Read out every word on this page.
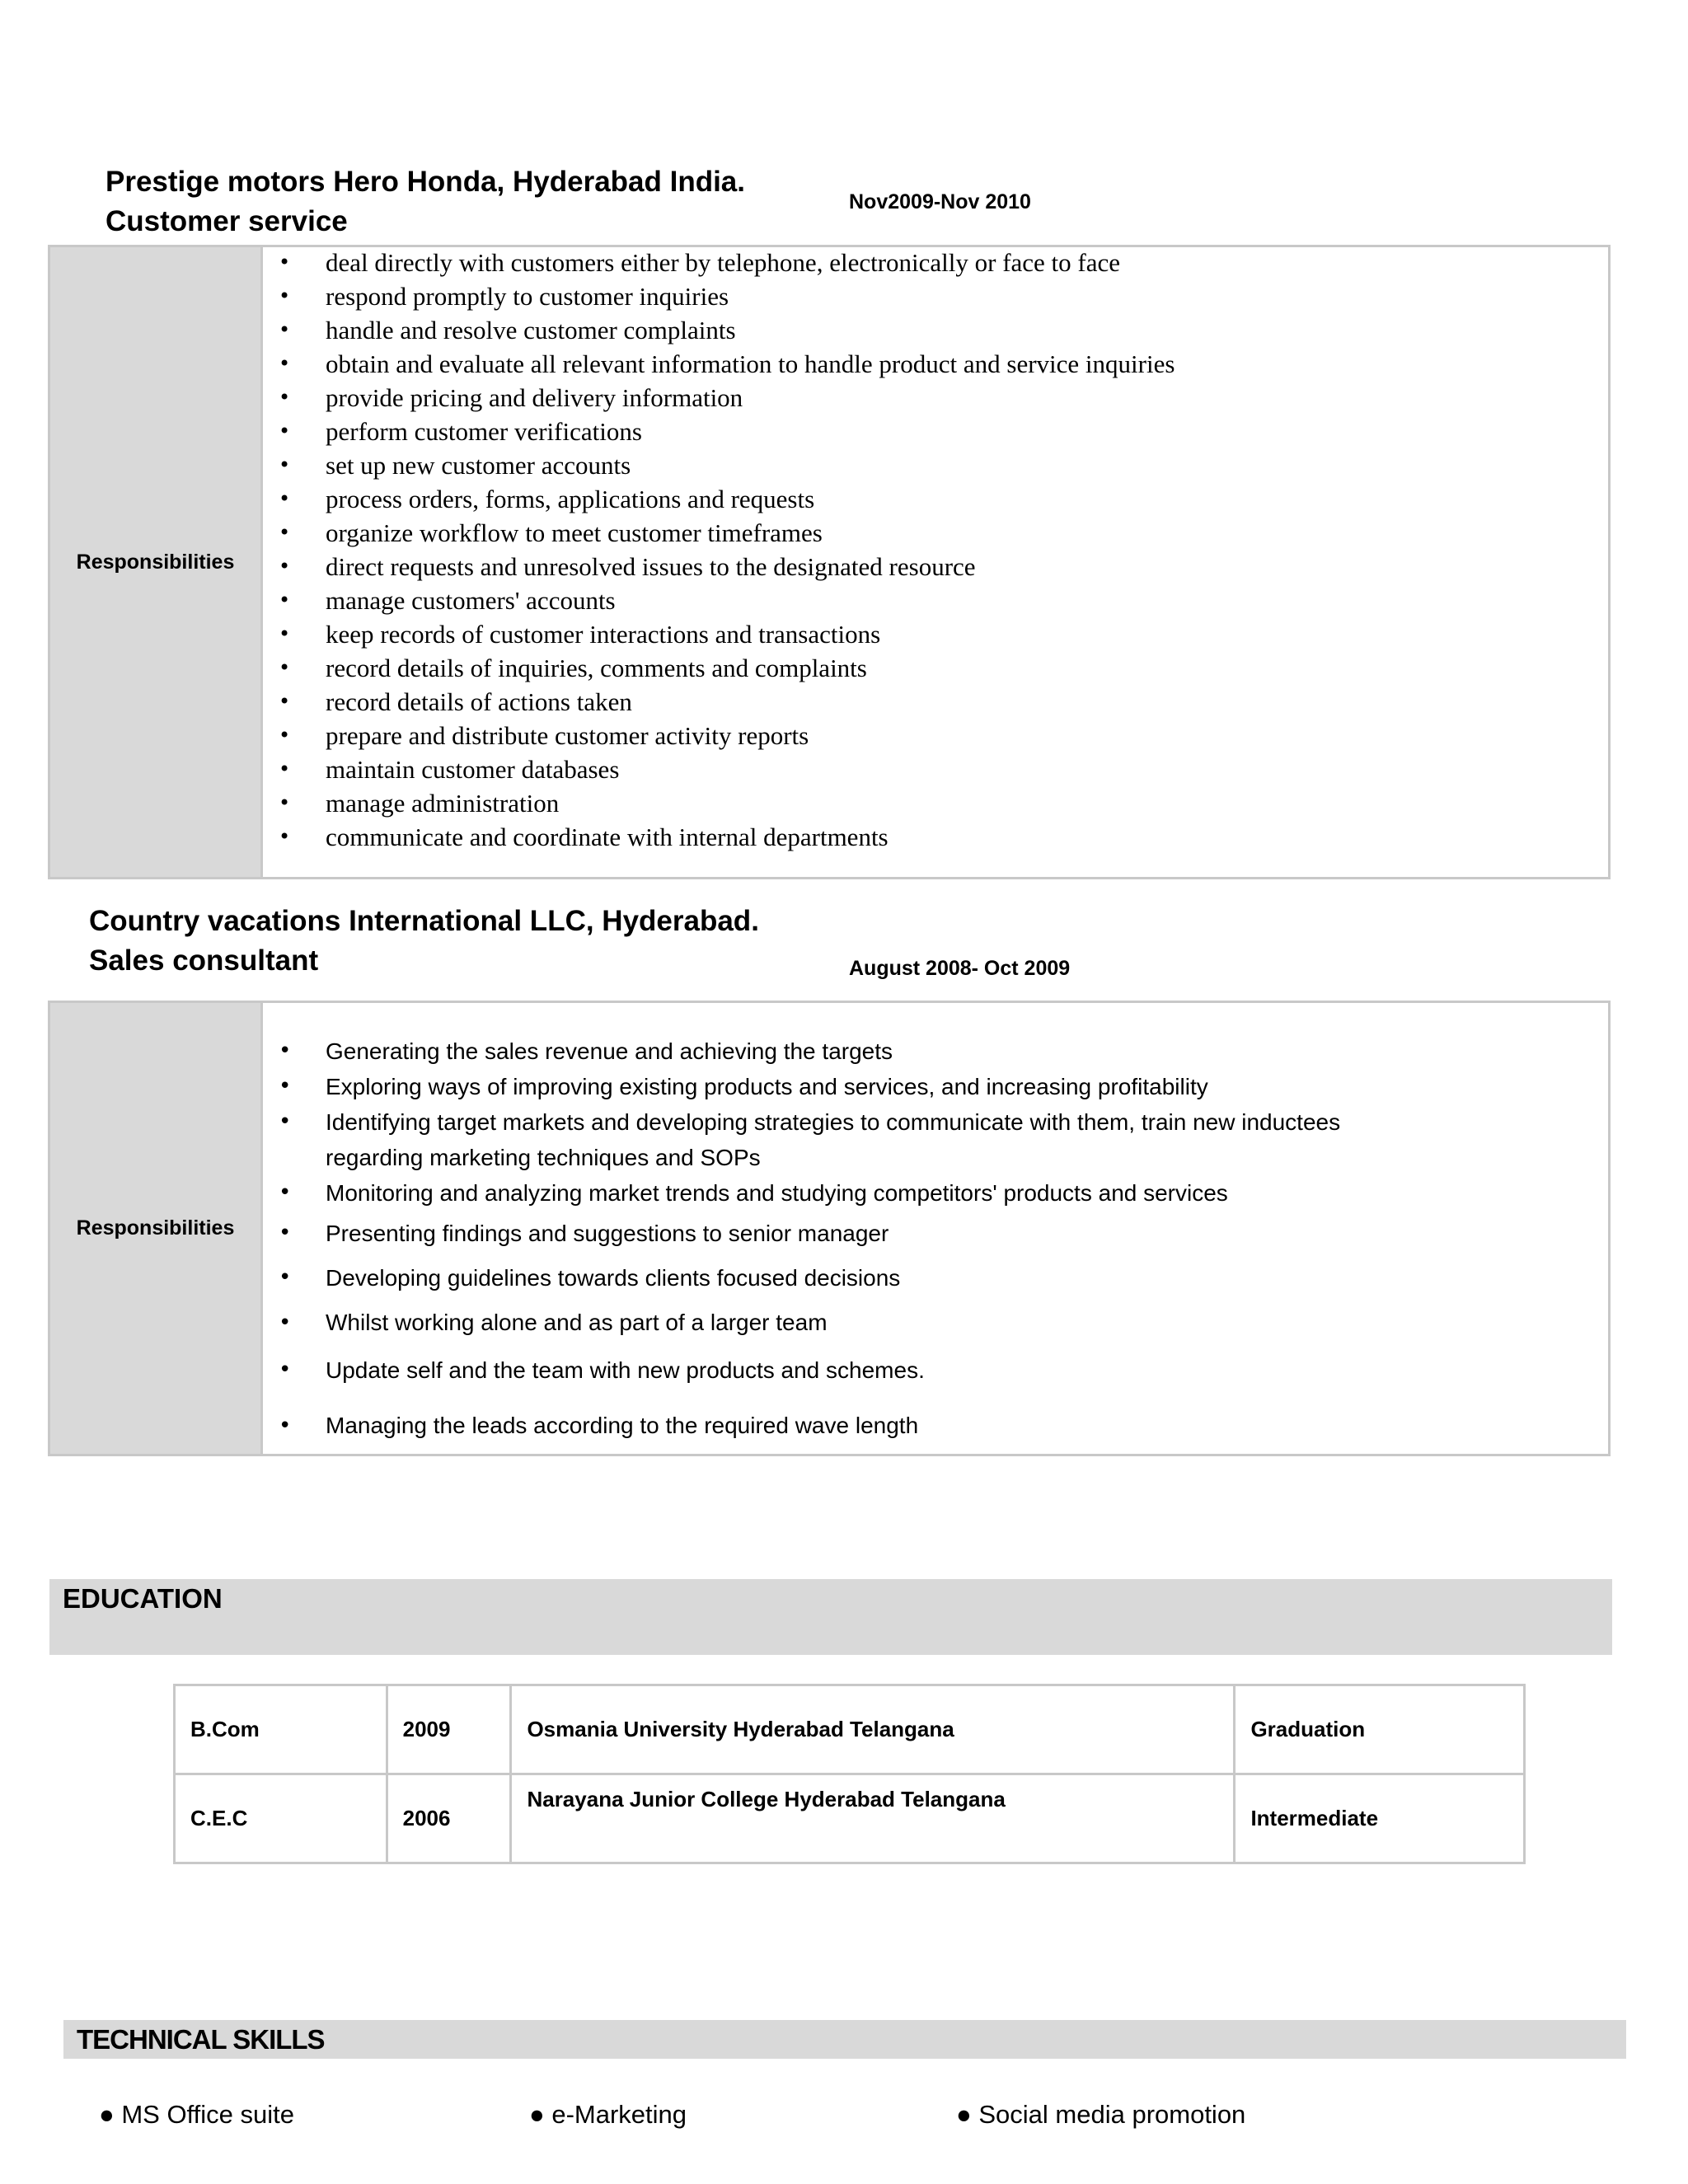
Prestige motors Hero Honda, Hyderabad India.
Customer service
Nov2009-Nov 2010
Responsibilities
• deal directly with customers either by telephone, electronically or face to face
• respond promptly to customer inquiries
• handle and resolve customer complaints
• obtain and evaluate all relevant information to handle product and service inquiries
• provide pricing and delivery information
• perform customer verifications
• set up new customer accounts
• process orders, forms, applications and requests
• organize workflow to meet customer timeframes
• direct requests and unresolved issues to the designated resource
• manage customers' accounts
• keep records of customer interactions and transactions
• record details of inquiries, comments and complaints
• record details of actions taken
• prepare and distribute customer activity reports
• maintain customer databases
• manage administration
• communicate and coordinate with internal departments
Country vacations International LLC, Hyderabad.
Sales consultant	August 2008- Oct 2009
Responsibilities
• Generating the sales revenue and achieving the targets
• Exploring ways of improving existing products and services, and increasing profitability
• Identifying target markets and developing strategies to communicate with them, train new inductees
regarding marketing techniques and SOPs
• Monitoring and analyzing market trends and studying competitors' products and services
• Presenting findings and suggestions to senior manager
• Developing guidelines towards clients focused decisions
• Whilst working alone and as part of a larger team
• Update self and the team with new products and schemes.
• Managing the leads according to the required wave length
EDUCATION
B.Com	2009	Osmania University Hyderabad Telangana	Graduation
C.E.C	2006	Narayana Junior College Hyderabad Telangana	Intermediate
TECHNICAL SKILLS
● MS Office suite	● e-Marketing	● Social media promotion
